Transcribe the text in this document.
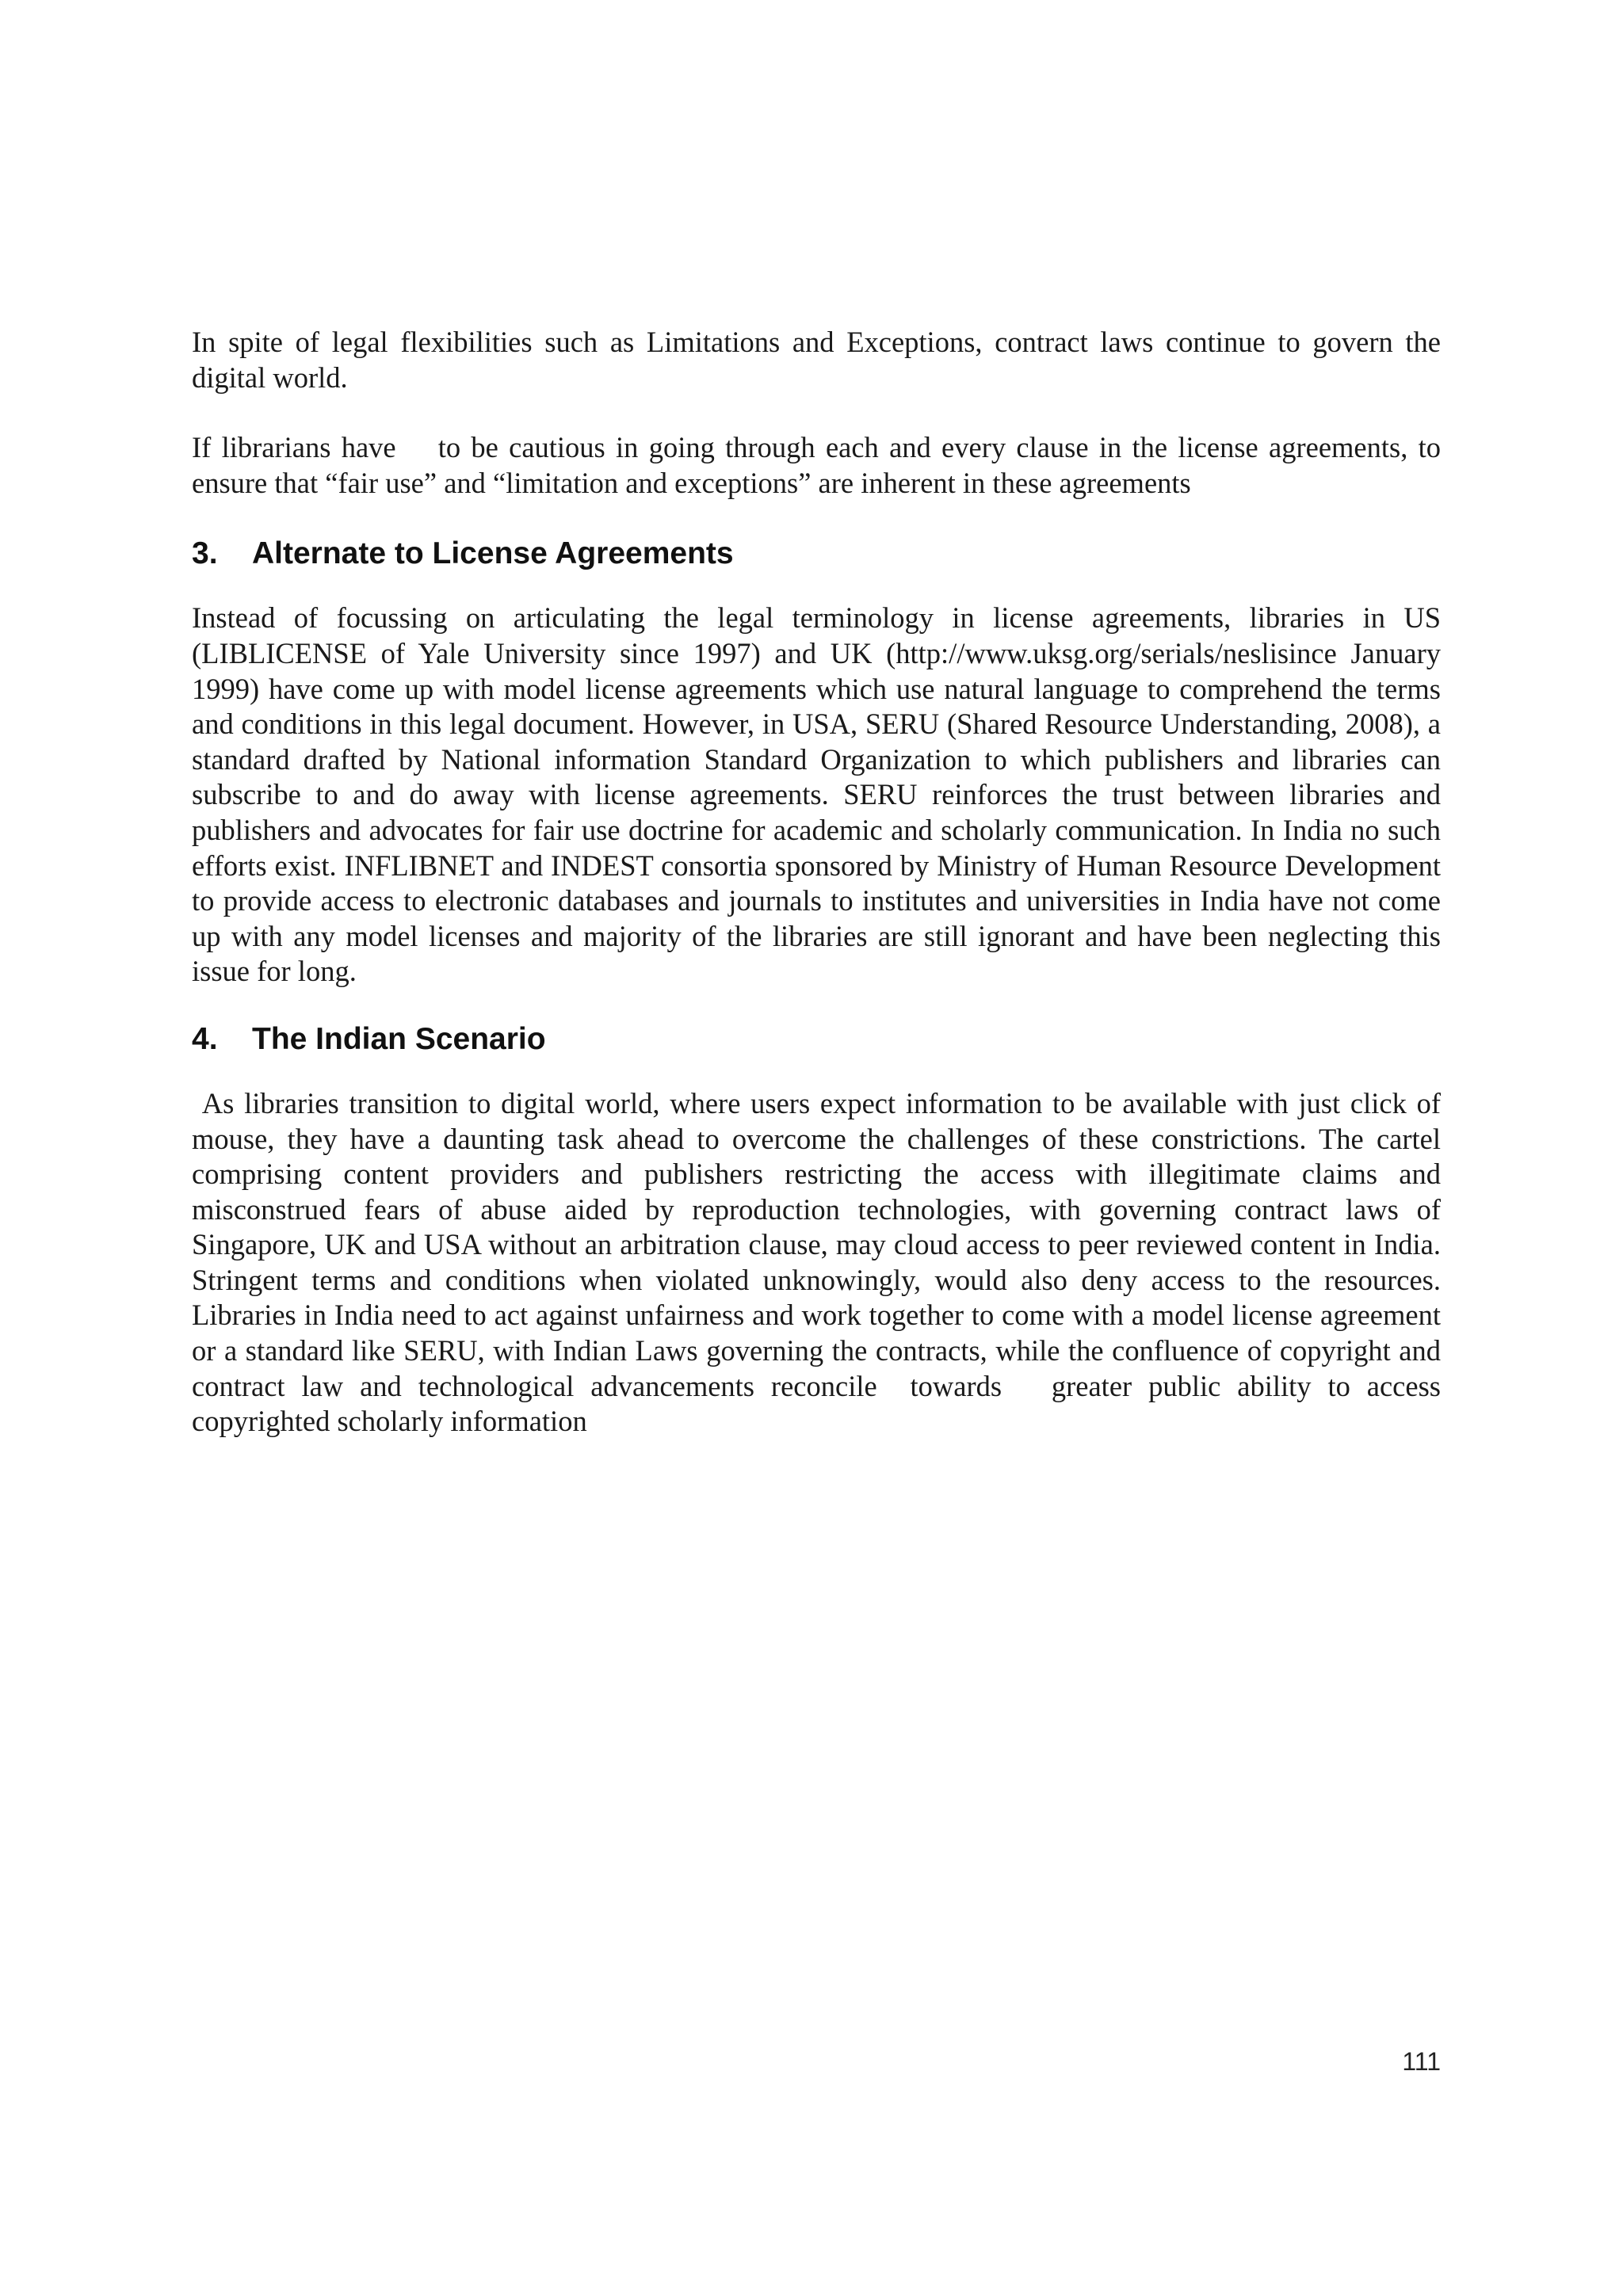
In spite of legal flexibilities such as Limitations and Exceptions, contract laws continue to govern the digital world.

If librarians have    to be cautious in going through each and every clause in the license agreements, to ensure that “fair use” and “limitation and exceptions” are inherent in these agreements

3.	Alternate to License Agreements

Instead of focussing on articulating the legal terminology in license agreements, libraries in US (LIBLICENSE of Yale University since 1997) and UK (http://www.uksg.org/serials/neslisince January 1999) have come up with model license agreements which use natural language to comprehend the terms and conditions in this legal document. However, in USA, SERU (Shared Resource Understanding, 2008), a standard drafted by National information Standard Organization to which publishers and libraries can subscribe to and do away with license agreements. SERU reinforces the trust between libraries and publishers and advocates for fair use doctrine for academic and scholarly communication. In India no such efforts exist. INFLIBNET and INDEST consortia sponsored by Ministry of Human Resource Development to provide access to electronic databases and journals to institutes and universities in India have not come up with any model licenses and majority of the libraries are still ignorant and have been neglecting this issue for long.

4.	The Indian Scenario

As libraries transition to digital world, where users expect information to be available with just click of mouse, they have a daunting task ahead to overcome the challenges of these constrictions. The cartel comprising content providers and publishers restricting the access with illegitimate claims and misconstrued fears of abuse aided by reproduction technologies, with governing contract laws of Singapore, UK and USA without an arbitration clause, may cloud access to peer reviewed content in India.  Stringent terms and conditions when violated unknowingly, would also deny access to the resources. Libraries in India need to act against unfairness and work together to come with a model license agreement or a standard like SERU, with Indian Laws governing the contracts, while the confluence of copyright and contract law and technological advancements reconcile  towards   greater public ability to access copyrighted scholarly information

111
